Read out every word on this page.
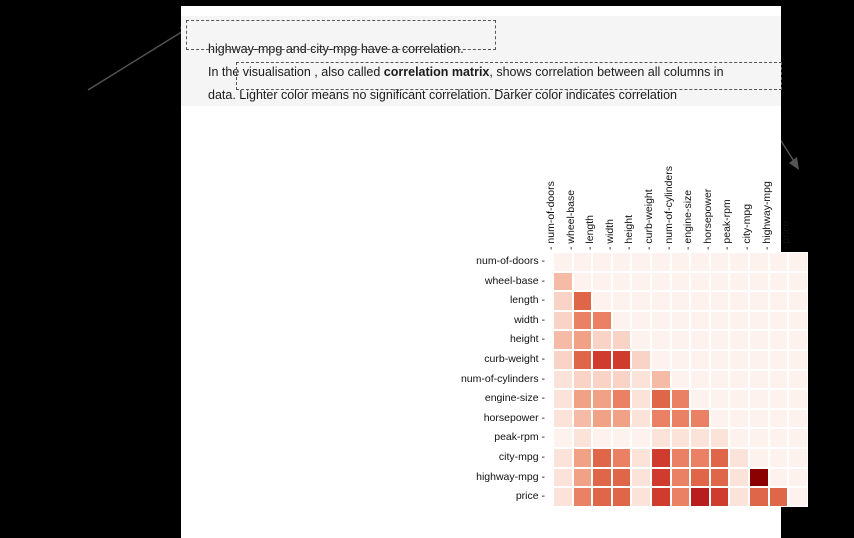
highway-mpg and city-mpg have a correlation.
In the visualisation , also called correlation matrix, shows correlation between all columns in
data. Lighter color means no significant correlation. Darker color indicates correlation
- num-of-doors - wheel-base - length - width - height - curb-weight - num-of-cylinders - engine-size - horsepower - peak-rpm - city-mpg - highway-mpg - price
num-of-doors -
wheel-base -
length -
width -
height -
curb-weight -
num-of-cylinders -
engine-size -
horsepower -
peak-rpm -
city-mpg -
highway-mpg -
price -
